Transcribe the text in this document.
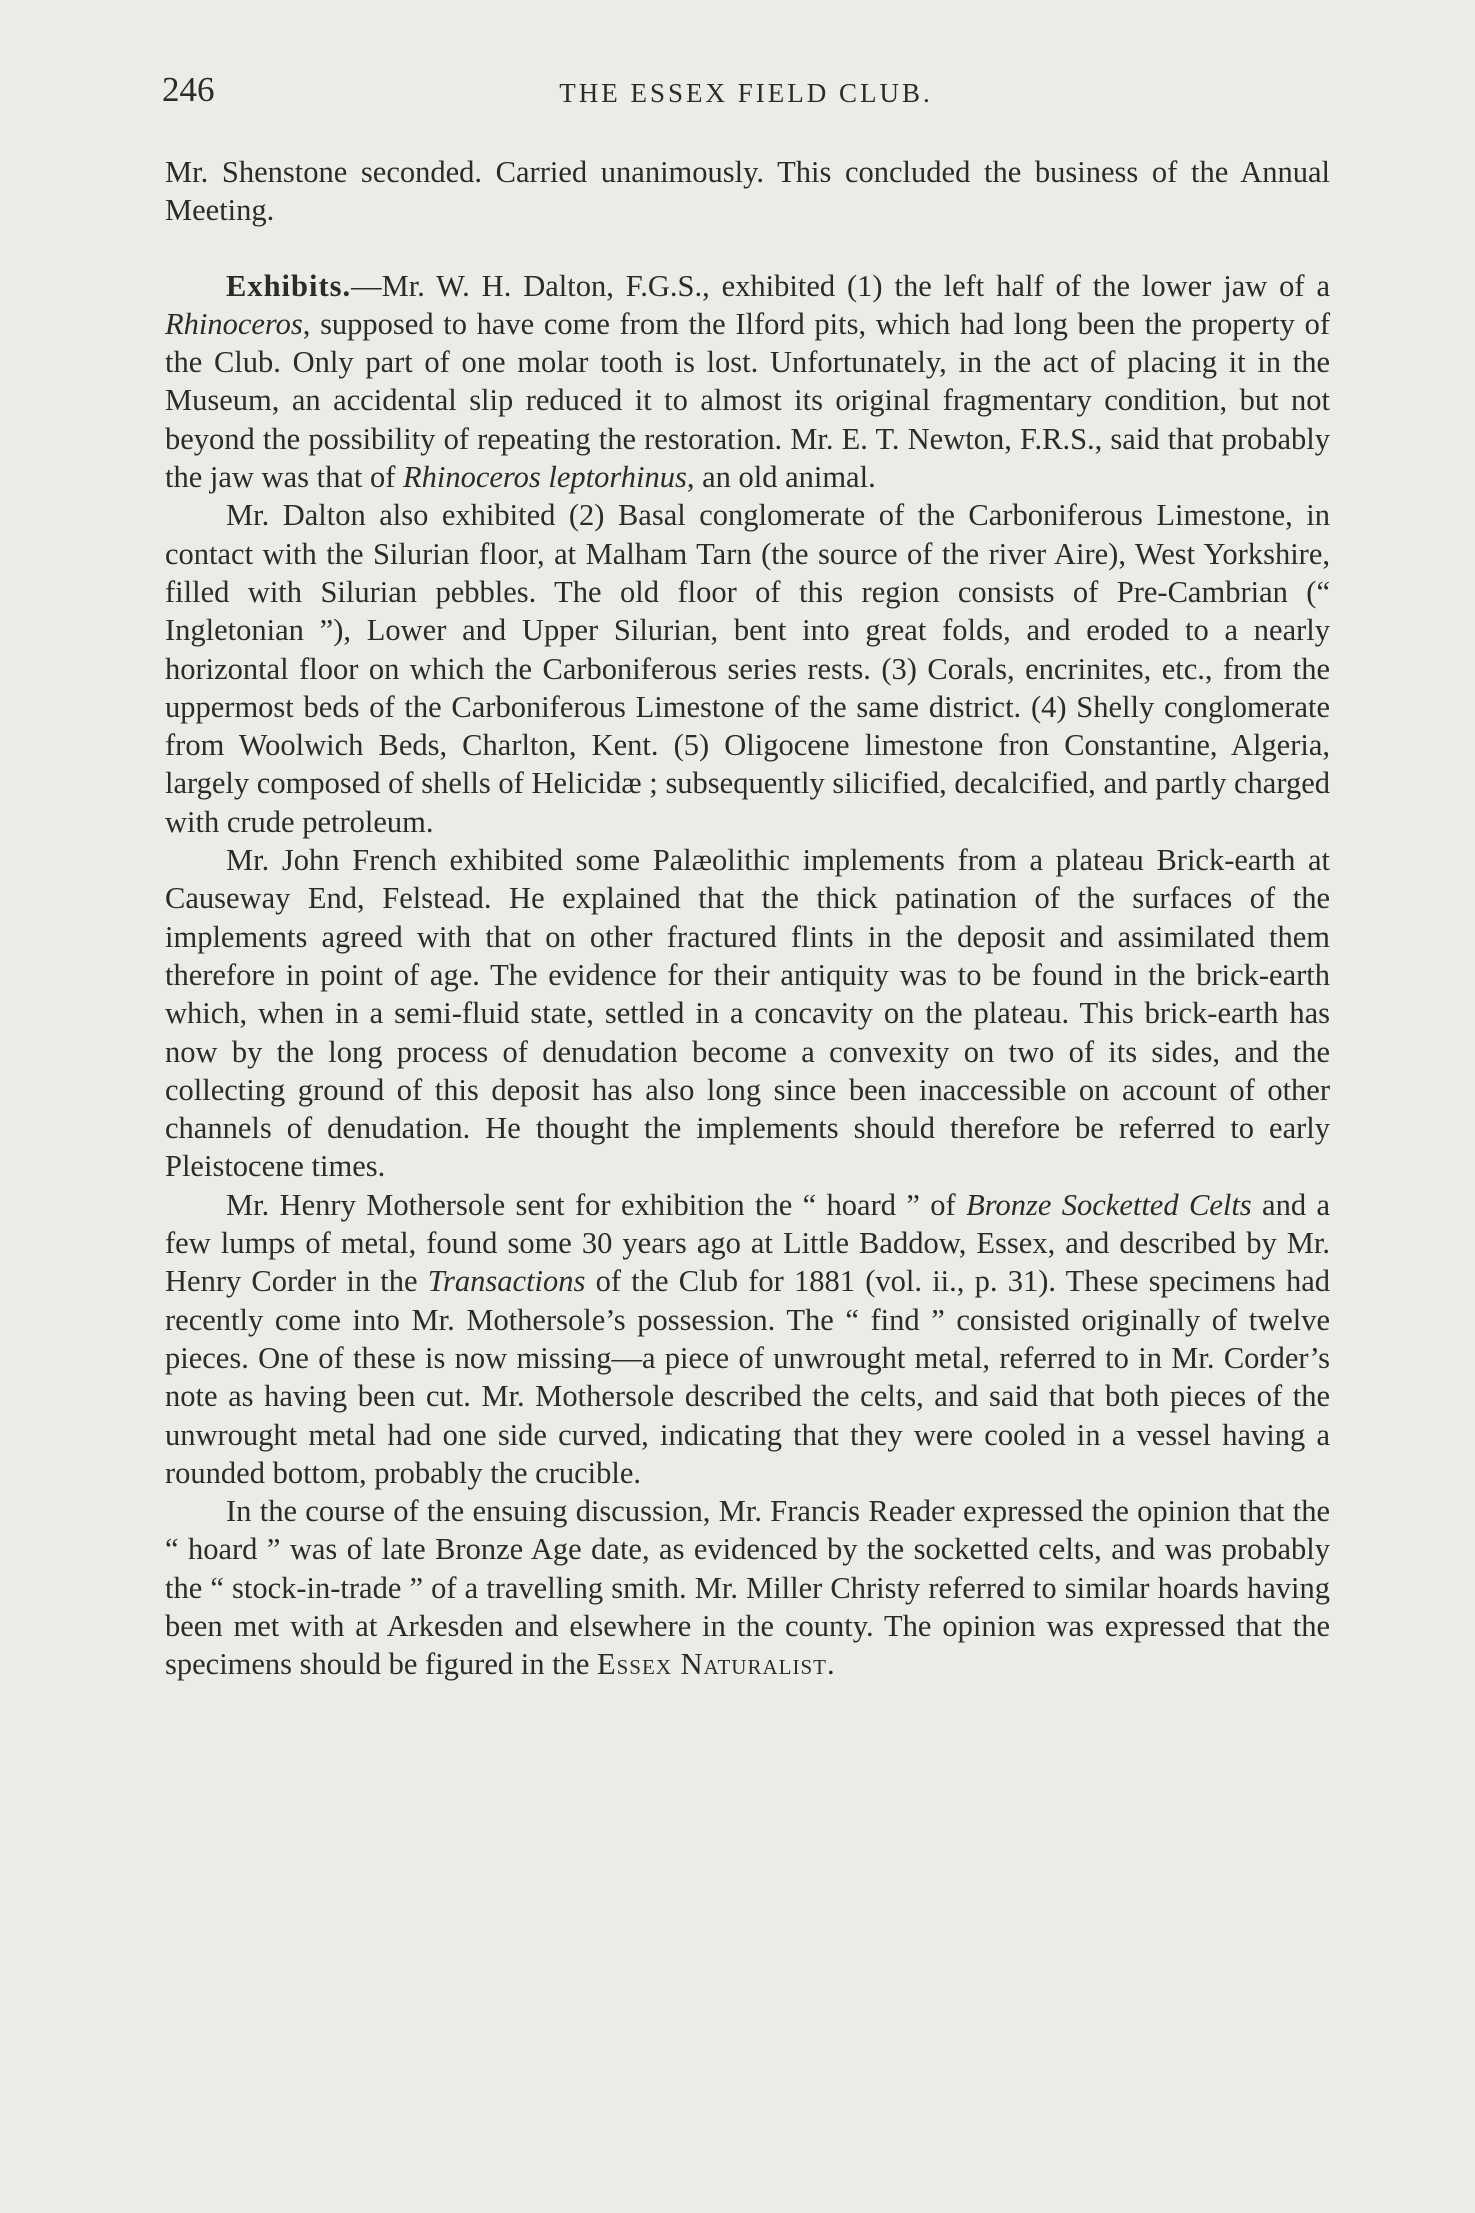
246	THE ESSEX FIELD CLUB.

Mr. Shenstone seconded. Carried unanimously. This concluded the business of the Annual Meeting.

Exhibits.—Mr. W. H. Dalton, F.G.S., exhibited (1) the left half of the lower jaw of a Rhinoceros, supposed to have come from the Ilford pits, which had long been the property of the Club. Only part of one molar tooth is lost. Unfortunately, in the act of placing it in the Museum, an accidental slip reduced it to almost its original fragmentary condition, but not beyond the possibility of repeating the restoration. Mr. E. T. Newton, F.R.S., said that probably the jaw was that of Rhinoceros leptorhinus, an old animal.

Mr. Dalton also exhibited (2) Basal conglomerate of the Carboniferous Limestone, in contact with the Silurian floor, at Malham Tarn (the source of the river Aire), West Yorkshire, filled with Silurian pebbles. The old floor of this region consists of Pre-Cambrian (“ Ingletonian ”), Lower and Upper Silurian, bent into great folds, and eroded to a nearly horizontal floor on which the Carboniferous series rests. (3) Corals, encrinites, etc., from the uppermost beds of the Carboniferous Limestone of the same district. (4) Shelly conglomerate from Woolwich Beds, Charlton, Kent. (5) Oligocene limestone fron Constantine, Algeria, largely composed of shells of Helicidæ ; subsequently silicified, decalcified, and partly charged with crude petroleum.

Mr. John French exhibited some Palæolithic implements from a plateau Brick-earth at Causeway End, Felstead. He explained that the thick patination of the surfaces of the implements agreed with that on other fractured flints in the deposit and assimilated them therefore in point of age. The evidence for their antiquity was to be found in the brick-earth which, when in a semi-fluid state, settled in a concavity on the plateau. This brick-earth has now by the long process of denudation become a convexity on two of its sides, and the collecting ground of this deposit has also long since been inaccessible on account of other channels of denudation. He thought the implements should therefore be referred to early Pleistocene times.

Mr. Henry Mothersole sent for exhibition the “ hoard ” of Bronze Socketted Celts and a few lumps of metal, found some 30 years ago at Little Baddow, Essex, and described by Mr. Henry Corder in the Transactions of the Club for 1881 (vol. ii., p. 31). These specimens had recently come into Mr. Mothersole’s possession. The “ find ” consisted originally of twelve pieces. One of these is now missing—a piece of unwrought metal, referred to in Mr. Corder’s note as having been cut. Mr. Mothersole described the celts, and said that both pieces of the unwrought metal had one side curved, indicating that they were cooled in a vessel having a rounded bottom, probably the crucible.

In the course of the ensuing discussion, Mr. Francis Reader expressed the opinion that the “ hoard ” was of late Bronze Age date, as evidenced by the socketted celts, and was probably the “ stock-in-trade ” of a travelling smith. Mr. Miller Christy referred to similar hoards having been met with at Arkesden and elsewhere in the county. The opinion was expressed that the specimens should be figured in the Essex Naturalist.
